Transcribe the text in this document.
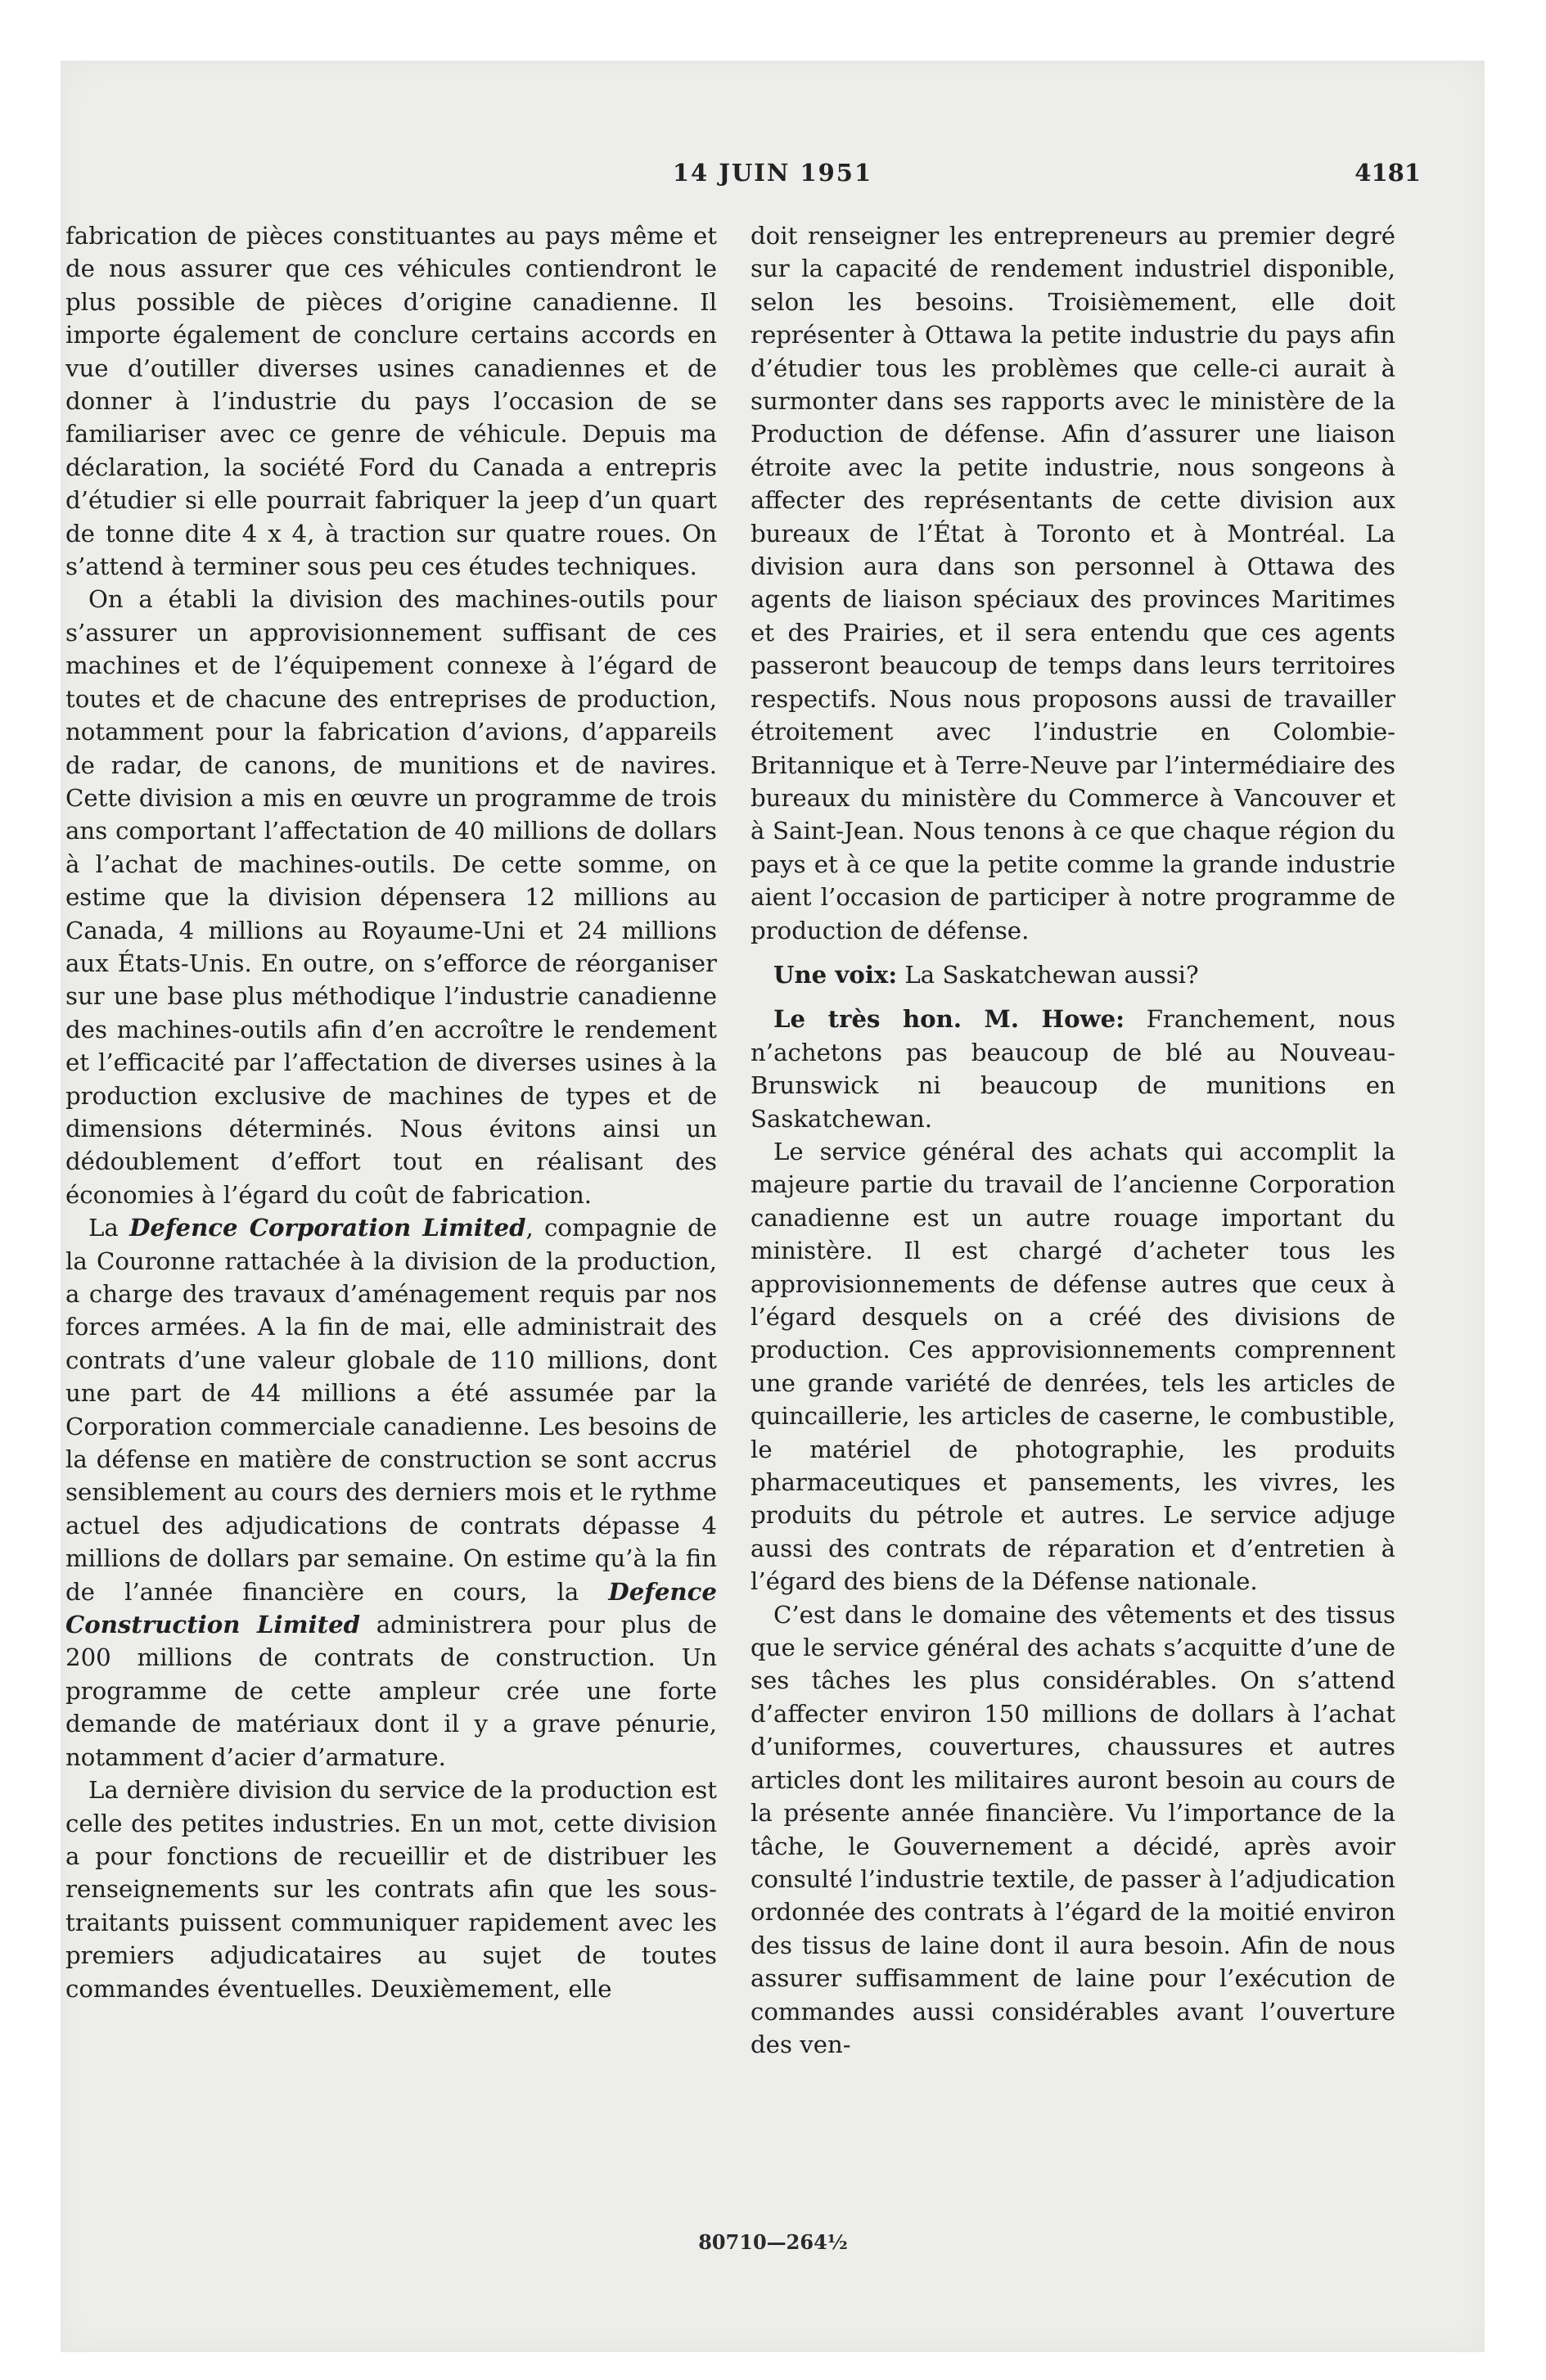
14 JUIN 1951	4181

fabrication de pièces constituantes au pays même et de nous assurer que ces véhicules contiendront le plus possible de pièces d’origine canadienne. Il importe également de conclure certains accords en vue d’outiller diverses usines canadiennes et de donner à l’industrie du pays l’occasion de se familiariser avec ce genre de véhicule. Depuis ma déclaration, la société Ford du Canada a entrepris d’étudier si elle pourrait fabriquer la jeep d’un quart de tonne dite 4 x 4, à traction sur quatre roues. On s’attend à terminer sous peu ces études techniques.

On a établi la division des machines-outils pour s’assurer un approvisionnement suffisant de ces machines et de l’équipement connexe à l’égard de toutes et de chacune des entreprises de production, notamment pour la fabrication d’avions, d’appareils de radar, de canons, de munitions et de navires. Cette division a mis en œuvre un programme de trois ans comportant l’affectation de 40 millions de dollars à l’achat de machines-outils. De cette somme, on estime que la division dépensera 12 millions au Canada, 4 millions au Royaume-Uni et 24 millions aux États-Unis. En outre, on s’efforce de réorganiser sur une base plus méthodique l’industrie canadienne des machines-outils afin d’en accroître le rendement et l’efficacité par l’affectation de diverses usines à la production exclusive de machines de types et de dimensions déterminés. Nous évitons ainsi un dédoublement d’effort tout en réalisant des économies à l’égard du coût de fabrication.

La Defence Corporation Limited, compagnie de la Couronne rattachée à la division de la production, a charge des travaux d’aménagement requis par nos forces armées. A la fin de mai, elle administrait des contrats d’une valeur globale de 110 millions, dont une part de 44 millions a été assumée par la Corporation commerciale canadienne. Les besoins de la défense en matière de construction se sont accrus sensiblement au cours des derniers mois et le rythme actuel des adjudications de contrats dépasse 4 millions de dollars par semaine. On estime qu’à la fin de l’année financière en cours, la Defence Construction Limited administrera pour plus de 200 millions de contrats de construction. Un programme de cette ampleur crée une forte demande de matériaux dont il y a grave pénurie, notamment d’acier d’armature.

La dernière division du service de la production est celle des petites industries. En un mot, cette division a pour fonctions de recueillir et de distribuer les renseignements sur les contrats afin que les sous-traitants puissent communiquer rapidement avec les premiers adjudicataires au sujet de toutes commandes éventuelles. Deuxièmement, elle

doit renseigner les entrepreneurs au premier degré sur la capacité de rendement industriel disponible, selon les besoins. Troisièmement, elle doit représenter à Ottawa la petite industrie du pays afin d’étudier tous les problèmes que celle-ci aurait à surmonter dans ses rapports avec le ministère de la Production de défense. Afin d’assurer une liaison étroite avec la petite industrie, nous songeons à affecter des représentants de cette division aux bureaux de l’État à Toronto et à Montréal. La division aura dans son personnel à Ottawa des agents de liaison spéciaux des provinces Maritimes et des Prairies, et il sera entendu que ces agents passeront beaucoup de temps dans leurs territoires respectifs. Nous nous proposons aussi de travailler étroitement avec l’industrie en Colombie-Britannique et à Terre-Neuve par l’intermédiaire des bureaux du ministère du Commerce à Vancouver et à Saint-Jean. Nous tenons à ce que chaque région du pays et à ce que la petite comme la grande industrie aient l’occasion de participer à notre programme de production de défense.

Une voix: La Saskatchewan aussi?

Le très hon. M. Howe: Franchement, nous n’achetons pas beaucoup de blé au Nouveau-Brunswick ni beaucoup de munitions en Saskatchewan.

Le service général des achats qui accomplit la majeure partie du travail de l’ancienne Corporation canadienne est un autre rouage important du ministère. Il est chargé d’acheter tous les approvisionnements de défense autres que ceux à l’égard desquels on a créé des divisions de production. Ces approvisionnements comprennent une grande variété de denrées, tels les articles de quincaillerie, les articles de caserne, le combustible, le matériel de photographie, les produits pharmaceutiques et pansements, les vivres, les produits du pétrole et autres. Le service adjuge aussi des contrats de réparation et d’entretien à l’égard des biens de la Défense nationale.

C’est dans le domaine des vêtements et des tissus que le service général des achats s’acquitte d’une de ses tâches les plus considérables. On s’attend d’affecter environ 150 millions de dollars à l’achat d’uniformes, couvertures, chaussures et autres articles dont les militaires auront besoin au cours de la présente année financière. Vu l’importance de la tâche, le Gouvernement a décidé, après avoir consulté l’industrie textile, de passer à l’adjudication ordonnée des contrats à l’égard de la moitié environ des tissus de laine dont il aura besoin. Afin de nous assurer suffisamment de laine pour l’exécution de commandes aussi considérables avant l’ouverture des ven-

80710—264½
